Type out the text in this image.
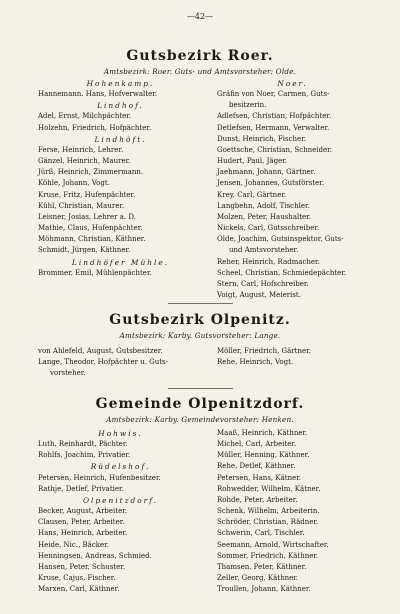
—42—
Gutsbezirk Roer.
Amtsbezirk: Roer. Guts- und Amtsvorsteher: Olde.
Hohenkamp.
Hannemann. Hans, Hofverwalter.
Lindhof.
Adel, Ernst, Milchpächter.
Holzehn, Friedrich, Hofpächter.
Lindhöft.
Ferse, Heinrich, Lehrer.
Gänzel, Heinrich, Maurer.
Jürß, Heinrich, Zimmermann.
Köhle, Johann, Vogt.
Kruse, Fritz, Hufenpächter.
Kühl, Christian, Maurer.
Leisner, Josias, Lehrer a. D.
Mathie, Claus, Hufenpächter.
Möhmann, Christian, Käthner.
Schmidt, Jürgen, Käthner.
Lindhöfer Mühle.
Brommer, Emil, Mühlenpächter.
Noer.
Gräfin von Noer, Carmen, Guts-
besitzerin.
Adlefsen, Christian, Hofpächter.
Detlefsen, Hermann, Verwalter.
Dunst, Heinrich, Fischer.
Goettsche, Christian, Schneider.
Hudert, Paul, Jäger.
Jaehmann, Johann, Gärtner.
Jensen, Johannes, Gutsförster.
Krey, Carl, Gärtner.
Langbehn, Adolf, Tischler.
Molzen, Peter, Haushalter.
Nickels, Carl, Gutsschreiber.
Olde, Joachim, Gutsinspektor, Guts-
und Amtsvorsteher.
Reher, Heinrich, Radmacher.
Scheel, Christian, Schmiedepächter.
Stern, Carl, Hofschreiber.
Voigt, August, Meierist.
Gutsbezirk Olpenitz.
Amtsbezirk: Karby. Gutsvorsteher: Lange.
von Ahlefeld, August, Gutsbesitzer.
Lange, Theodor, Hofpächter u. Guts-
vorsteher.
Möller, Friedrich, Gärtner.
Rehe, Heinrich, Vogt.
Gemeinde Olpenitzdorf.
Amtsbezirk: Karby. Gemeindevorsteher: Henken.
Hohwis.
Luth, Reinhardt, Pächter.
Rohlfs, Joachim, Privatier.
Rüdelshof.
Petersen, Heinrich, Hufenbesitzer.
Rathje, Detlef, Privatier.
Olpenitzdorf.
Becker, August, Arbeiter.
Clausen, Peter, Arbeiter.
Hans, Heinrich, Arbeiter.
Heide, Nic., Bäcker.
Henningsen, Andreas, Schmied.
Hansen, Peter, Schuster.
Kruse, Cajus, Fischer.
Marxen, Carl, Käthner.
Maaß, Heinrich, Käthner.
Michel, Carl, Arbeiter.
Müller, Henning, Käthner.
Rehe, Detlef, Käthner.
Petersen, Hans, Kätner.
Rohwedder, Wilhelm, Kätner.
Rohde, Peter, Arbeiter.
Schenk, Wilhelm, Arbeiterin.
Schröder, Christian, Rädner.
Schwerin, Carl, Tischler.
Seemann, Arnold, Wirtschafter.
Sommer, Friedrich, Käthner.
Thamsen, Peter, Käthner.
Zeller, Georg, Käthner.
Troullen, Johann, Käthner.
